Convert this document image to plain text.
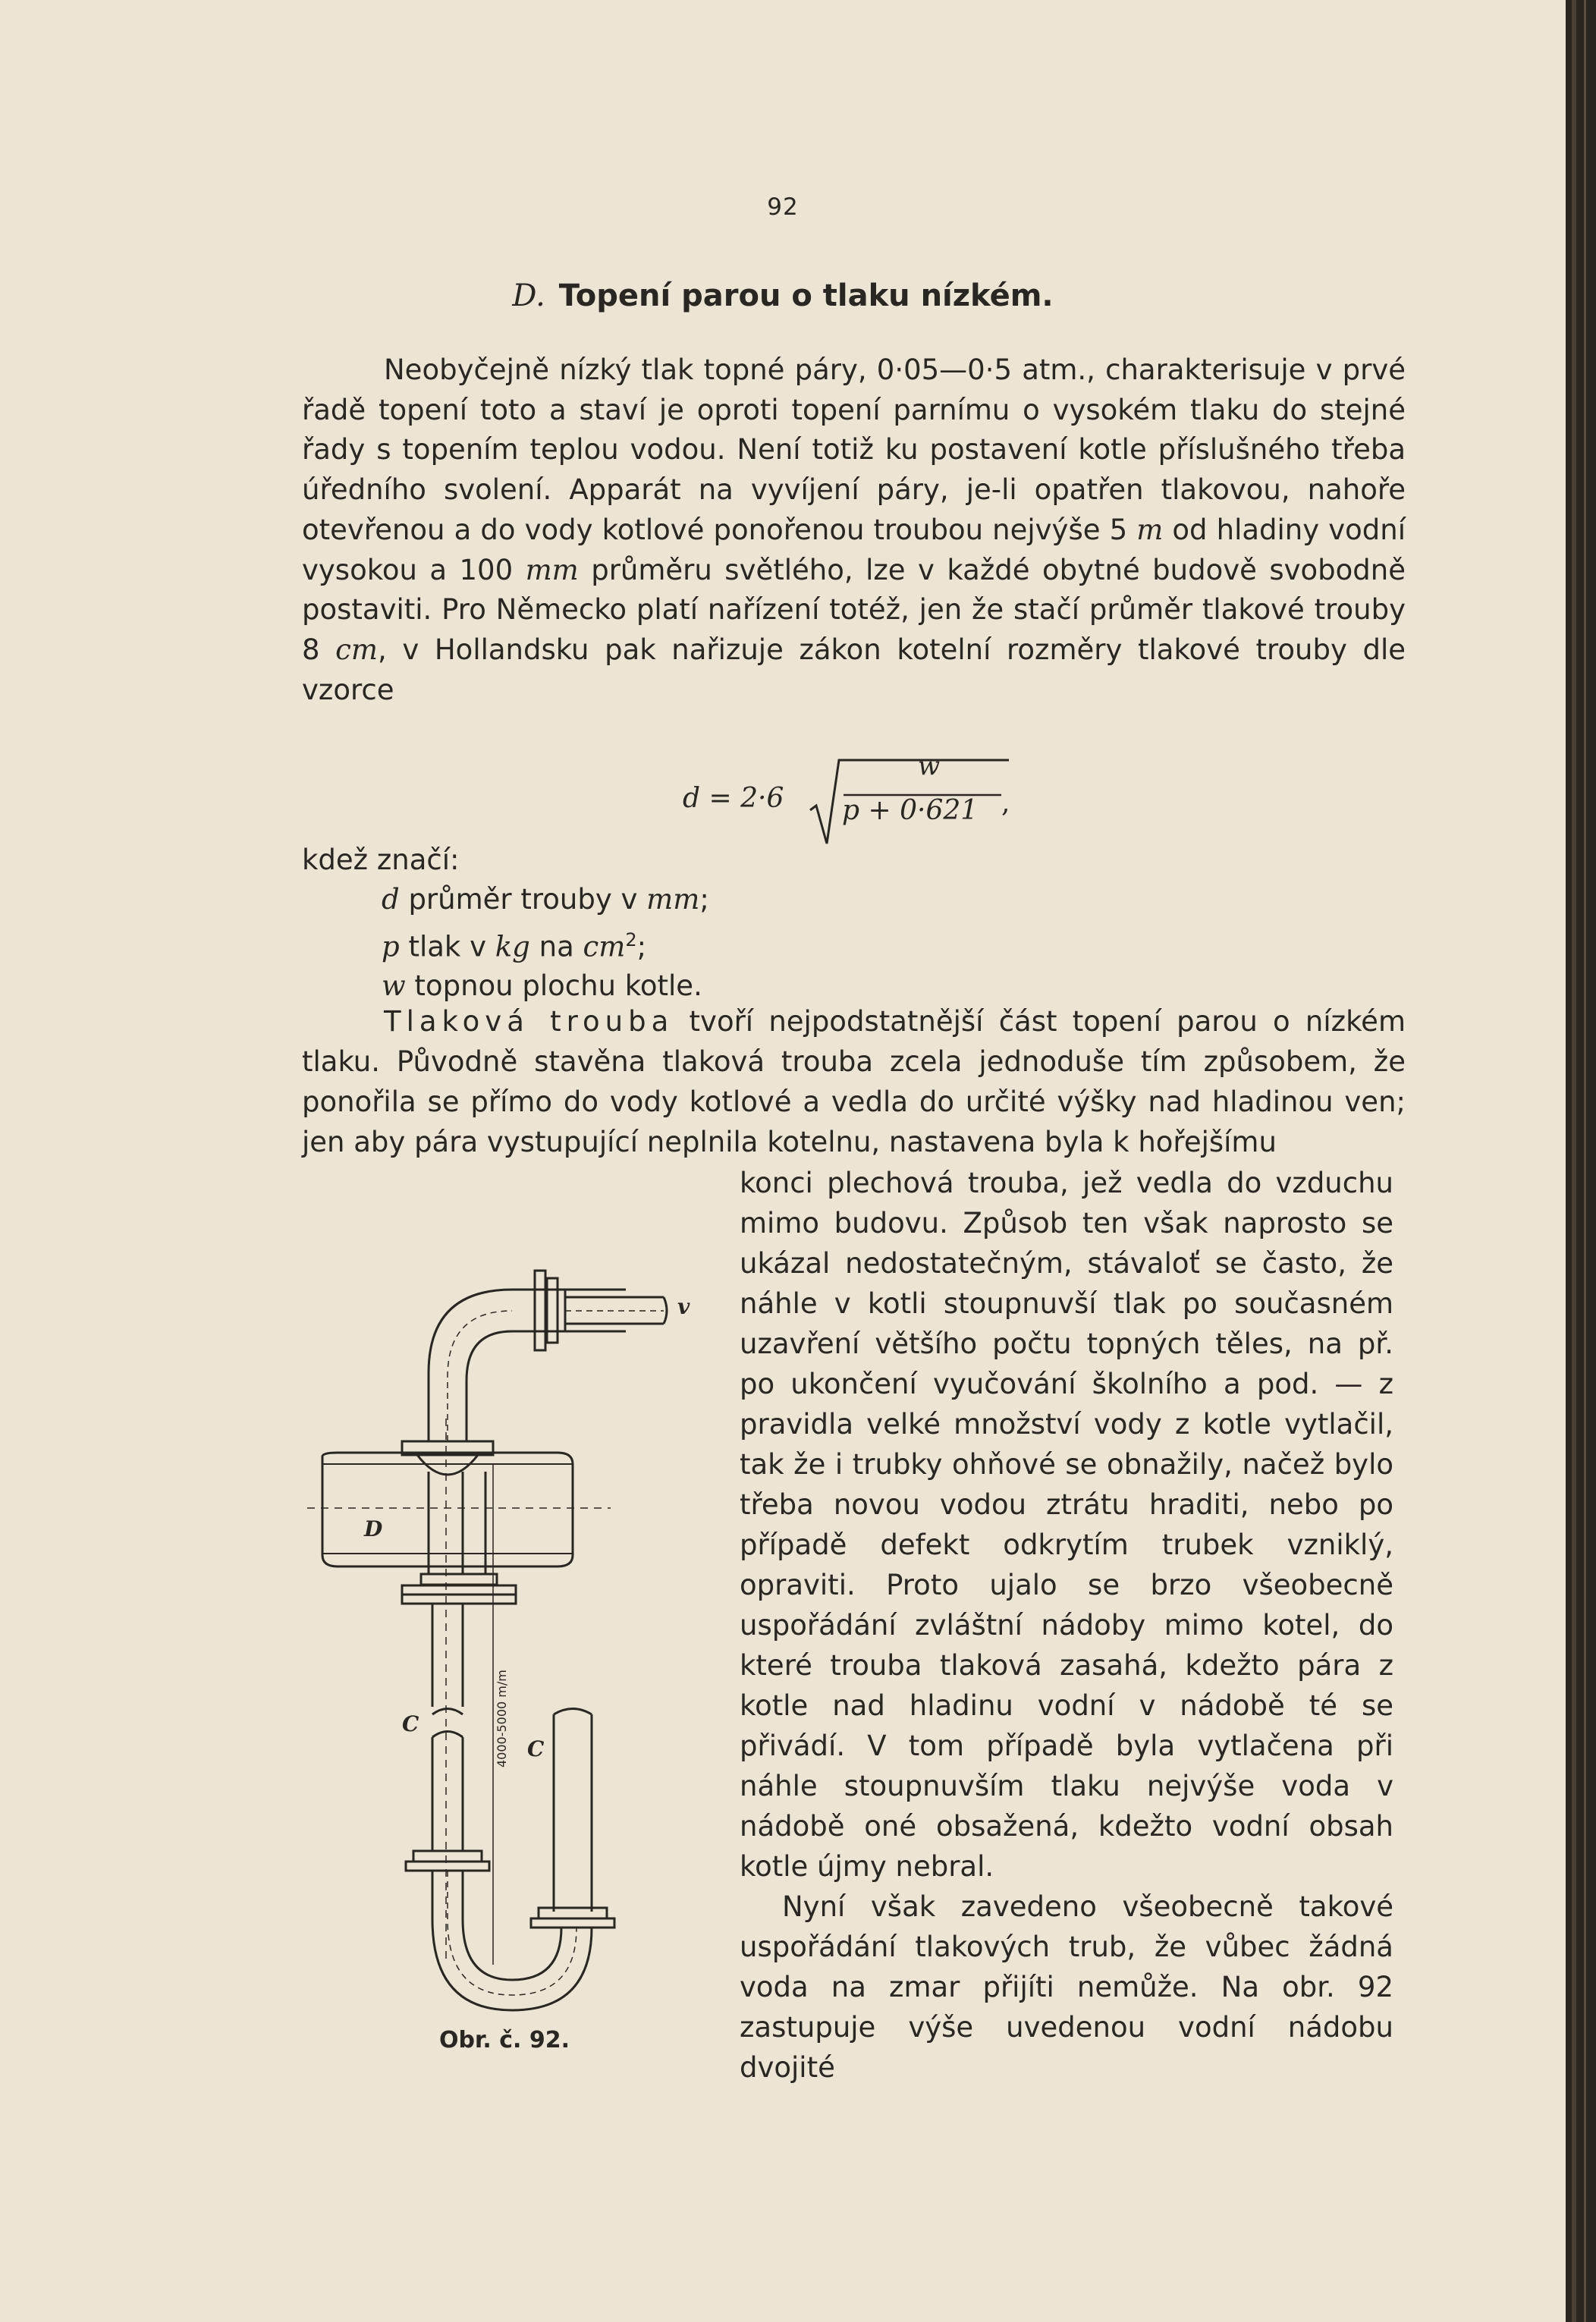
92
D. Topení parou o tlaku nízkém.

Neobyčejně nízký tlak topné páry, 0·05—0·5 atm., charakterisuje v prvé řadě topení toto a staví je oproti topení parnímu o vysokém tlaku do stejné řady s topením teplou vodou. Není totiž ku postavení kotle příslušného třeba úředního svolení. Apparát na vyvíjení páry, je-li opatřen tlakovou, nahoře otevřenou a do vody kotlové ponořenou troubou nejvýše 5 m od hladiny vodní vysokou a 100 mm průměru světlého, lze v každé obytné budově svobodně postaviti. Pro Německo platí nařízení totéž, jen že stačí průměr tlakové trouby 8 cm, v Hollandsku pak nařizuje zákon kotelní rozměry tlakové trouby dle vzorce

d = 2·6
w
p + 0·621 ,
kdež značí:
d průměr trouby v mm;
p tlak v kg na $cm^2$;
w topnou plochu kotle.

Tlaková trouba tvoří nejpodstatnější část topení parou o nízkém tlaku. Původně stavěna tlaková trouba zcela jednoduše tím způsobem, že ponořila se přímo do vody kotlové a vedla do určité výšky nad hladinou ven; jen aby pára vystupující neplnila kotelnu, nastavena byla k hořejšímu

konci plechová trouba, jež vedla do vzduchu mimo budovu. Způsob ten však naprosto se ukázal nedostatečným, stávaloť se často, že náhle v kotli stoupnuvší tlak po současném uzavření většího počtu topných těles, na př. po ukončení vyučování školního a pod. — z pravidla velké množství vody z kotle vytlačil, tak že i trubky ohňové se obnažily, načež bylo třeba novou vodou ztrátu hraditi, nebo po případě defekt odkrytím trubek vzniklý, opraviti. Proto ujalo se brzo všeobecně uspořádání zvláštní nádoby mimo kotel, do které trouba tlaková zasahá, kdežto pára z kotle nad hladinu vodní v nádobě té se přivádí. V tom případě byla vytlačena při náhle stoupnuvším tlaku nejvýše voda v nádobě oné obsažená, kdežto vodní obsah kotle újmy nebral.

Nyní však zavedeno všeobecně takové uspořádání tlakových trub, že vůbec žádná voda na zmar přijíti nemůže. Na obr. 92 zastupuje výše uvedenou vodní nádobu dvojité

v
D
C
C
4000-5000 m/m
Obr. č. 92.
